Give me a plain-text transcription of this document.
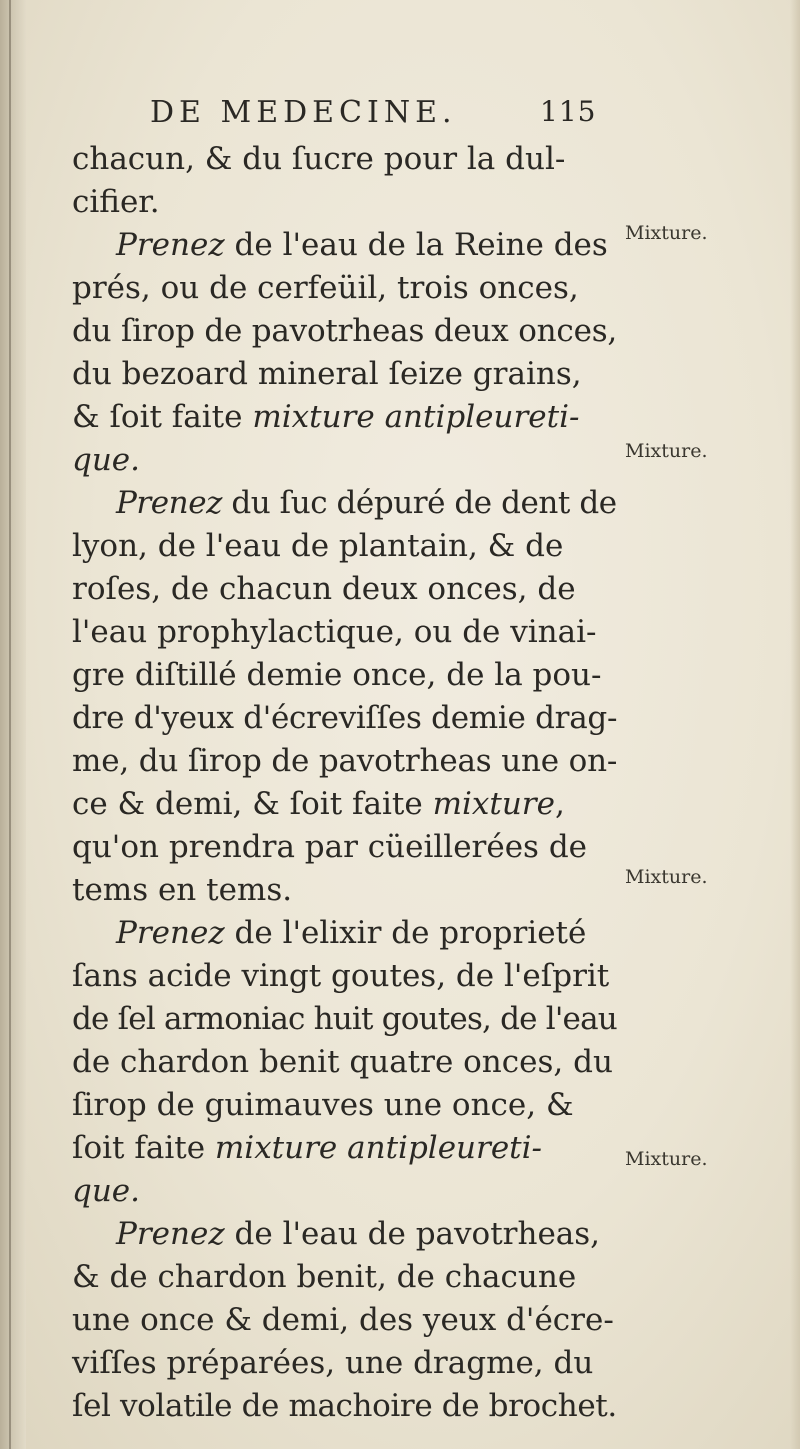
DE MEDECINE.	115
chacun, & du ſucre pour la dul-
cifier.
Prenez de l'eau de la Reine des
prés, ou de cerfeüil, trois onces,
du ſirop de pavotrheas deux onces,
du bezoard mineral ſeize grains,
& ſoit faite mixture antipleureti-
que.
Prenez du ſuc dépuré de dent de
lyon, de l'eau de plantain, & de
roſes, de chacun deux onces, de
l'eau prophylactique, ou de vinai-
gre diſtillé demie once, de la pou-
dre d'yeux d'écreviſſes demie drag-
me, du ſirop de pavotrheas une on-
ce & demi, & ſoit faite mixture,
qu'on prendra par cüeillerées de
tems en tems.
Prenez de l'elixir de proprieté
ſans acide vingt goutes, de l'eſprit
de ſel armoniac huit goutes, de l'eau
de chardon benit quatre onces, du
ſirop de guimauves une once, &
ſoit faite mixture antipleureti-
que.
Prenez de l'eau de pavotrheas,
& de chardon benit, de chacune
une once & demi, des yeux d'écre-
viſſes préparées, une dragme, du
ſel volatile de machoire de brochet.
Mixture.
Mixture.
Mixture.
Mixture.
